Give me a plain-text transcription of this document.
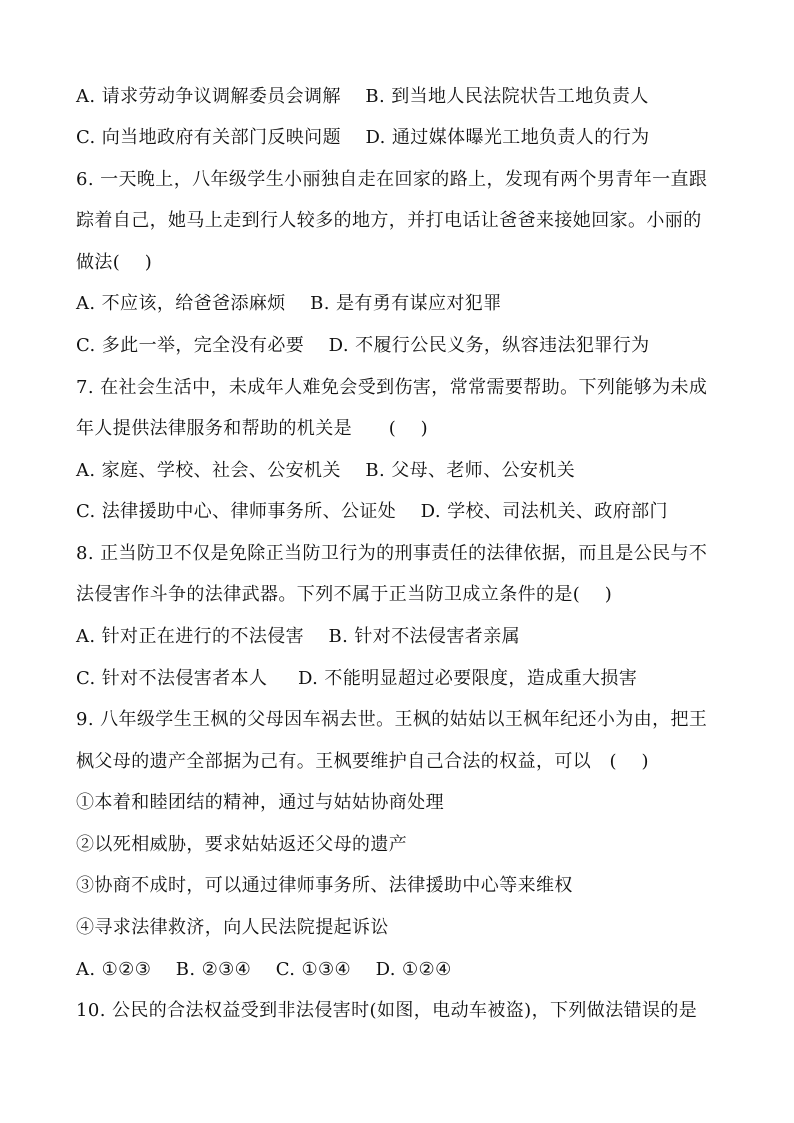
A. 请求劳动争议调解委员会调解    B. 到当地人民法院状告工地负责人
C. 向当地政府有关部门反映问题    D. 通过媒体曝光工地负责人的行为
6. 一天晚上，八年级学生小丽独自走在回家的路上，发现有两个男青年一直跟
踪着自己，她马上走到行人较多的地方，并打电话让爸爸来接她回家。小丽的
做法(    )
A. 不应该，给爸爸添麻烦    B. 是有勇有谋应对犯罪
C. 多此一举，完全没有必要    D. 不履行公民义务，纵容违法犯罪行为
7. 在社会生活中，未成年人难免会受到伤害，常常需要帮助。下列能够为未成
年人提供法律服务和帮助的机关是      (    )
A. 家庭、学校、社会、公安机关    B. 父母、老师、公安机关
C. 法律援助中心、律师事务所、公证处    D. 学校、司法机关、政府部门
8. 正当防卫不仅是免除正当防卫行为的刑事责任的法律依据，而且是公民与不
法侵害作斗争的法律武器。下列不属于正当防卫成立条件的是(    )
A. 针对正在进行的不法侵害    B. 针对不法侵害者亲属
C. 针对不法侵害者本人     D. 不能明显超过必要限度，造成重大损害
9. 八年级学生王枫的父母因车祸去世。王枫的姑姑以王枫年纪还小为由，把王
枫父母的遗产全部据为己有。王枫要维护自己合法的权益，可以   (    )
①本着和睦团结的精神，通过与姑姑协商处理
②以死相威胁，要求姑姑返还父母的遗产
③协商不成时，可以通过律师事务所、法律援助中心等来维权
④寻求法律救济，向人民法院提起诉讼
A. ①②③    B. ②③④    C. ①③④    D. ①②④
10. 公民的合法权益受到非法侵害时(如图，电动车被盗)，下列做法错误的是
